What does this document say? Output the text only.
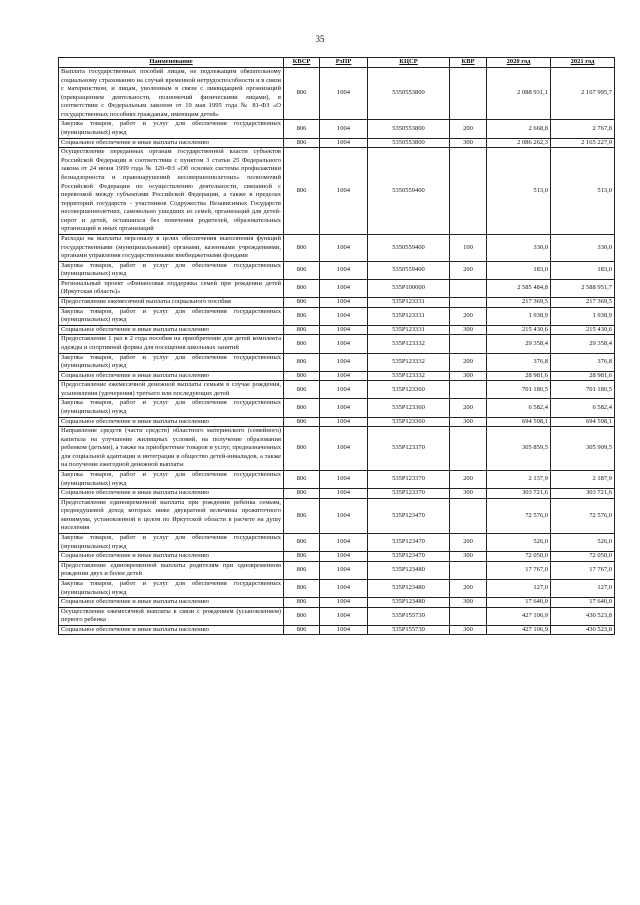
35
Наименование	КВСР	РзПР	КЦСР	КВР	2020 год	2021 год
Выплата государственных пособий лицам, не подлежащим обязательному социальному страхованию на случай временной нетрудоспособности и в связи с материнством, и лицам, уволенным в связи с ликвидацией организаций (прекращением деятельности, полномочий физическими лицами), в соответствии с Федеральным законом от 19 мая 1995 года № 81-ФЗ «О государственных пособиях гражданам, имеющим детей»	806	1004	5350553800		2 088 931,1	2 167 995,7
Закупка товаров, работ и услуг для обеспечения государственных (муниципальных) нужд	806	1004	5350553800	200	2 668,8	2 767,8
Социальное обеспечение и иные выплаты населению	806	1004	5350553800	300	2 086 262,3	2 165 227,9
Осуществление переданных органам государственной власти субъектов Российской Федерации в соответствии с пунктом 3 статьи 25 Федерального закона от 24 июня 1999 года № 120-ФЗ «Об основах системы профилактики безнадзорности и правонарушений несовершеннолетних» полномочий Российской Федерации по осуществлению деятельности, связанной с перевозкой между субъектами Российской Федерации, а также в пределах территорий государств - участников Содружества Независимых Государств несовершеннолетних, самовольно ушедших из семей, организаций для детей-сирот и детей, оставшихся без попечения родителей, образовательных организаций и иных организаций	806	1004	5350559400		513,0	513,0
Расходы на выплаты персоналу в целях обеспечения выполнения функций государственными (муниципальными) органами, казенными учреждениями, органами управления государственными внебюджетными фондами	806	1004	5350559400	100	330,0	330,0
Закупка товаров, работ и услуг для обеспечения государственных (муниципальных) нужд	806	1004	5350559400	200	183,0	183,0
Региональный проект «Финансовая поддержка семей при рождении детей (Иркутская область)»	806	1004	535P100000		2 585 484,8	2 588 951,7
Предоставление ежемесячной выплаты социального пособия	806	1004	535P123331		217 369,5	217 369,5
Закупка товаров, работ и услуг для обеспечения государственных (муниципальных) нужд	806	1004	535P123331	200	1 938,9	1 938,9
Социальное обеспечение и иные выплаты населению	806	1004	535P123331	300	215 430,6	215 430,6
Предоставление 1 раз в 2 года пособия на приобретение для детей комплекта одежды и спортивной формы для посещения школьных занятий	806	1004	535P123332		29 358,4	29 358,4
Закупка товаров, работ и услуг для обеспечения государственных (муниципальных) нужд	806	1004	535P123332	200	376,8	376,8
Социальное обеспечение и иные выплаты населению	806	1004	535P123332	300	28 981,6	28 981,6
Предоставление ежемесячной денежной выплаты семьям в случае рождения, усыновления (удочерения) третьего или последующих детей	806	1004	535P123360		701 180,5	701 180,5
Закупка товаров, работ и услуг для обеспечения государственных (муниципальных) нужд	806	1004	535P123360	200	6 582,4	6 582,4
Социальное обеспечение и иные выплаты населению	806	1004	535P123360	300	694 598,1	694 598,1
Направление средств (части средств) областного материнского (семейного) капитала на улучшение жилищных условий, на получение образования ребенком (детьми), а также на приобретение товаров и услуг, предназначенных для социальной адаптации и интеграции в общество детей-инвалидов, а также на получение ежегодной денежной выплаты	806	1004	535P123370		305 859,5	305 909,5
Закупка товаров, работ и услуг для обеспечения государственных (муниципальных) нужд	806	1004	535P123370	200	2 137,9	2 187,9
Социальное обеспечение и иные выплаты населению	806	1004	535P123370	300	303 721,6	303 721,6
Предоставление единовременной выплаты при рождении ребенка семьям, среднедушевой доход которых ниже двукратной величины прожиточного минимума, установленной в целом по Иркутской области в расчете на душу населения	806	1004	535P123470		72 576,0	72 576,0
Закупка товаров, работ и услуг для обеспечения государственных (муниципальных) нужд	806	1004	535P123470	200	526,0	526,0
Социальное обеспечение и иные выплаты населению	806	1004	535P123470	300	72 050,0	72 050,0
Предоставление единовременной выплаты родителям при одновременном рождении двух и более детей	806	1004	535P123480		17 767,0	17 767,0
Закупка товаров, работ и услуг для обеспечения государственных (муниципальных) нужд	806	1004	535P123480	200	127,0	127,0
Социальное обеспечение и иные выплаты населению	806	1004	535P123480	300	17 640,0	17 640,0
Осуществление ежемесячной выплаты в связи с рождением (усыновлением) первого ребенка	806	1004	535P155730		427 106,9	430 523,8
Социальное обеспечение и иные выплаты населению	806	1004	535P155730	300	427 106,9	430 523,8
